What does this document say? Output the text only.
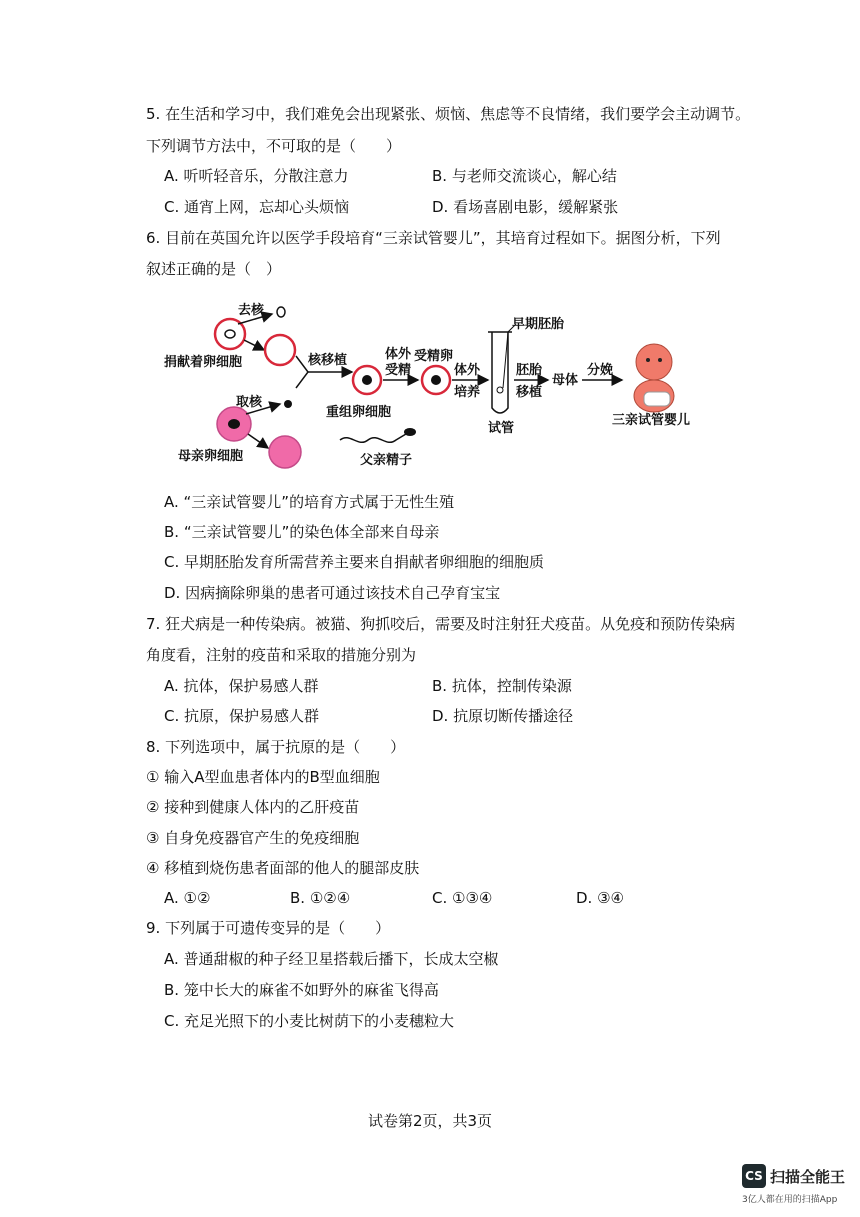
5. 在生活和学习中，我们难免会出现紧张、烦恼、焦虑等不良情绪，我们要学会主动调节。
下列调节方法中，不可取的是（　　）
A. 听听轻音乐，分散注意力	B. 与老师交流谈心，解心结
C. 通宵上网，忘却心头烦恼	D. 看场喜剧电影，缓解紧张
6. 目前在英国允许以医学手段培育“三亲试管婴儿”，其培育过程如下。据图分析，下列
叙述正确的是（　）
去核
捐献着卵细胞
取核
母亲卵细胞
核移植
重组卵细胞
体外
受精
父亲精子
受精卵
体外
培养
早期胚胎
试管
胚胎
移植
母体
分娩
三亲试管婴儿
A. “三亲试管婴儿”的培育方式属于无性生殖
B. “三亲试管婴儿”的染色体全部来自母亲
C. 早期胚胎发育所需营养主要来自捐献者卵细胞的细胞质
D. 因病摘除卵巢的患者可通过该技术自己孕育宝宝
7. 狂犬病是一种传染病。被猫、狗抓咬后，需要及时注射狂犬疫苗。从免疫和预防传染病
角度看，注射的疫苗和采取的措施分别为
A. 抗体，保护易感人群	B. 抗体，控制传染源
C. 抗原，保护易感人群	D. 抗原切断传播途径
8. 下列选项中，属于抗原的是（　　）
① 输入A型血患者体内的B型血细胞
② 接种到健康人体内的乙肝疫苗
③ 自身免疫器官产生的免疫细胞
④ 移植到烧伤患者面部的他人的腿部皮肤
A. ①②	B. ①②④	C. ①③④	D. ③④
9. 下列属于可遗传变异的是（　　）
A. 普通甜椒的种子经卫星搭载后播下，长成太空椒
B. 笼中长大的麻雀不如野外的麻雀飞得高
C. 充足光照下的小麦比树荫下的小麦穗粒大
试卷第2页，共3页
CS 扫描全能王
3亿人都在用的扫描App
